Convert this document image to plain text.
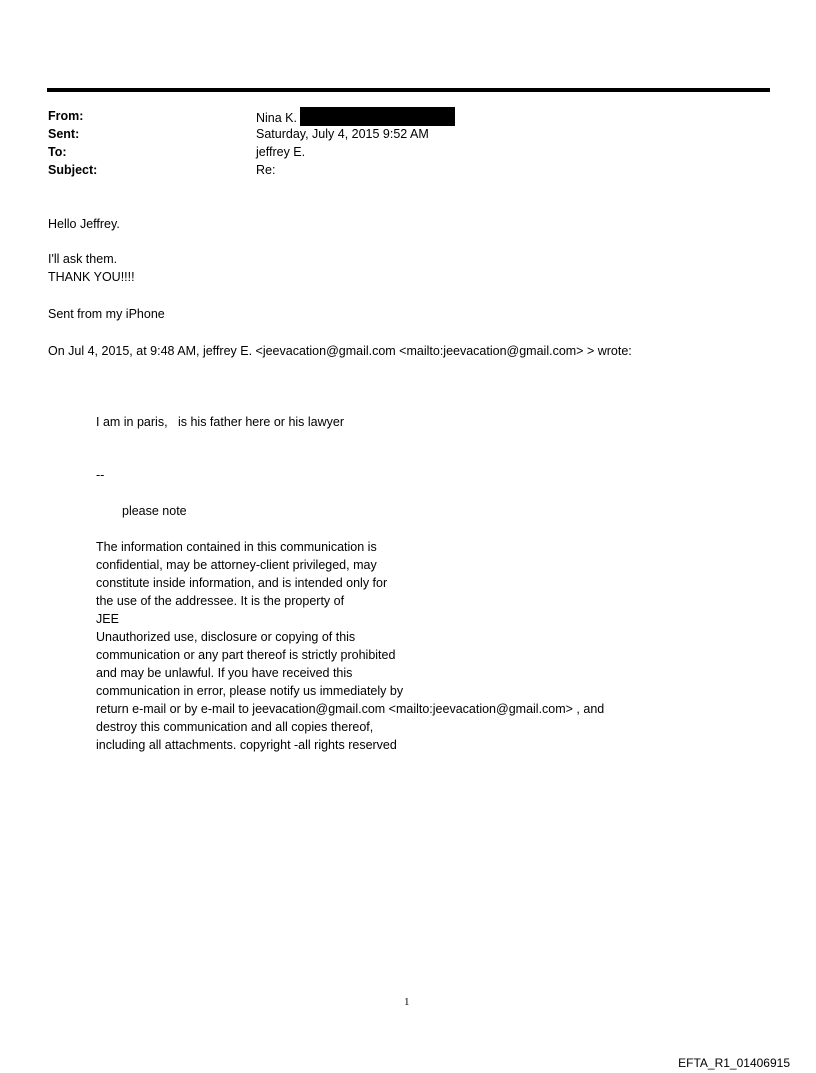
From:	Nina K.
Sent:	Saturday, July 4, 2015 9:52 AM
To:	jeffrey E.
Subject:	Re:
Hello Jeffrey.
I'll ask them.
THANK YOU!!!!
Sent from my iPhone
On Jul 4, 2015, at 9:48 AM, jeffrey E. <jeevacation@gmail.com <mailto:jeevacation@gmail.com> > wrote:
I am in paris,   is his father here or his lawyer
--
please note
The information contained in this communication is
confidential, may be attorney-client privileged, may
constitute inside information, and is intended only for
the use of the addressee. It is the property of
JEE
Unauthorized use, disclosure or copying of this
communication or any part thereof is strictly prohibited
and may be unlawful. If you have received this
communication in error, please notify us immediately by
return e-mail or by e-mail to jeevacation@gmail.com <mailto:jeevacation@gmail.com> , and
destroy this communication and all copies thereof,
including all attachments. copyright -all rights reserved
1
EFTA_R1_01406915
